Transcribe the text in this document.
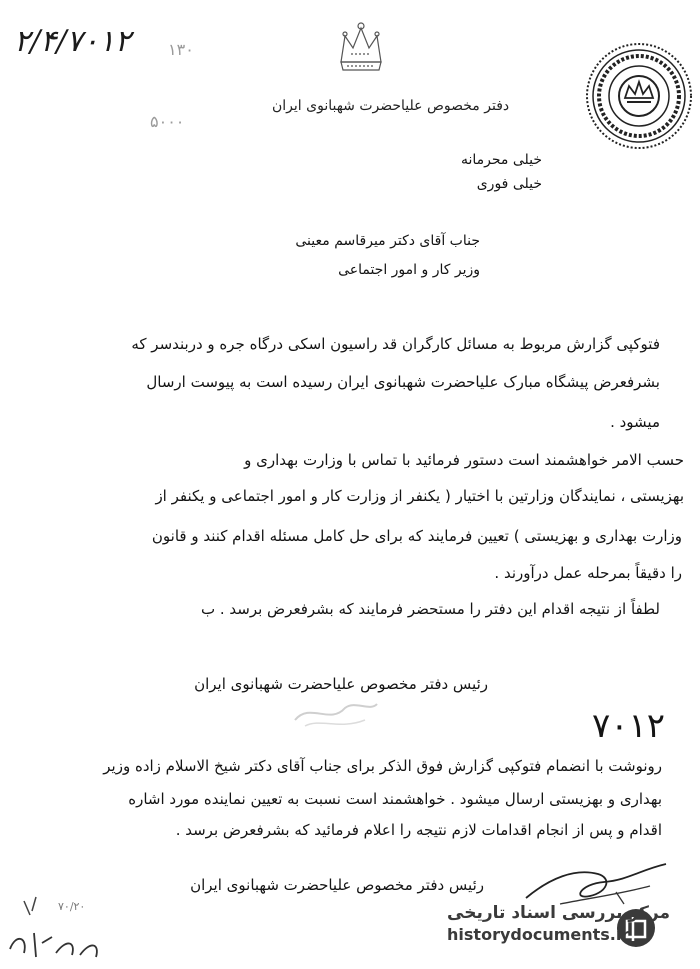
۲/۴/۷۰۱۲ ۱۳۰
۵۰۰۰
دفتر مخصوص علیاحضرت شهبانوی ایران
خیلی محرمانه
خیلی فوری
جناب آقای دکتر میرقاسم معینی
وزیر کار و امور اجتماعی
فتوکپی گزارش مربوط به مسائل کارگران قد راسیون اسکی درگاه جره و دربندسر که
بشرفعرض پیشگاه مبارک علیاحضرت شهبانوی ایران رسیده است به پیوست ارسال
میشود .
حسب الامر خواهشمند است دستور فرمائید با تماس با وزارت بهداری و
بهزیستی ، نمایندگان وزارتین با اختیار ( یکنفر از وزارت کار و امور اجتماعی و یکنفر از
وزارت بهداری و بهزیستی ) تعیین فرمایند که برای حل کامل مسئله اقدام کنند و قانون
را دقیقاً بمرحله عمل درآورند .
لطفاً از نتیجه اقدام این دفتر را مستحضر فرمایند که بشرفعرض برسد . ب
رئیس دفتر مخصوص علیاحضرت شهبانوی ایران
۷۰۱۲
رونوشت با انضمام فتوکپی گزارش فوق الذکر برای جناب آقای دکتر شیخ الاسلام زاده وزیر
بهداری و بهزیستی ارسال میشود . خواهشمند است نسبت به تعیین نماینده مورد اشاره
اقدام و پس از انجام اقدامات لازم نتیجه را اعلام فرمائید که بشرفعرض برسد .
رئیس دفتر مخصوص علیاحضرت شهبانوی ایران
۷۰/۲۰	مرکز بررسی اسناد تاریخی
historydocuments.ir
